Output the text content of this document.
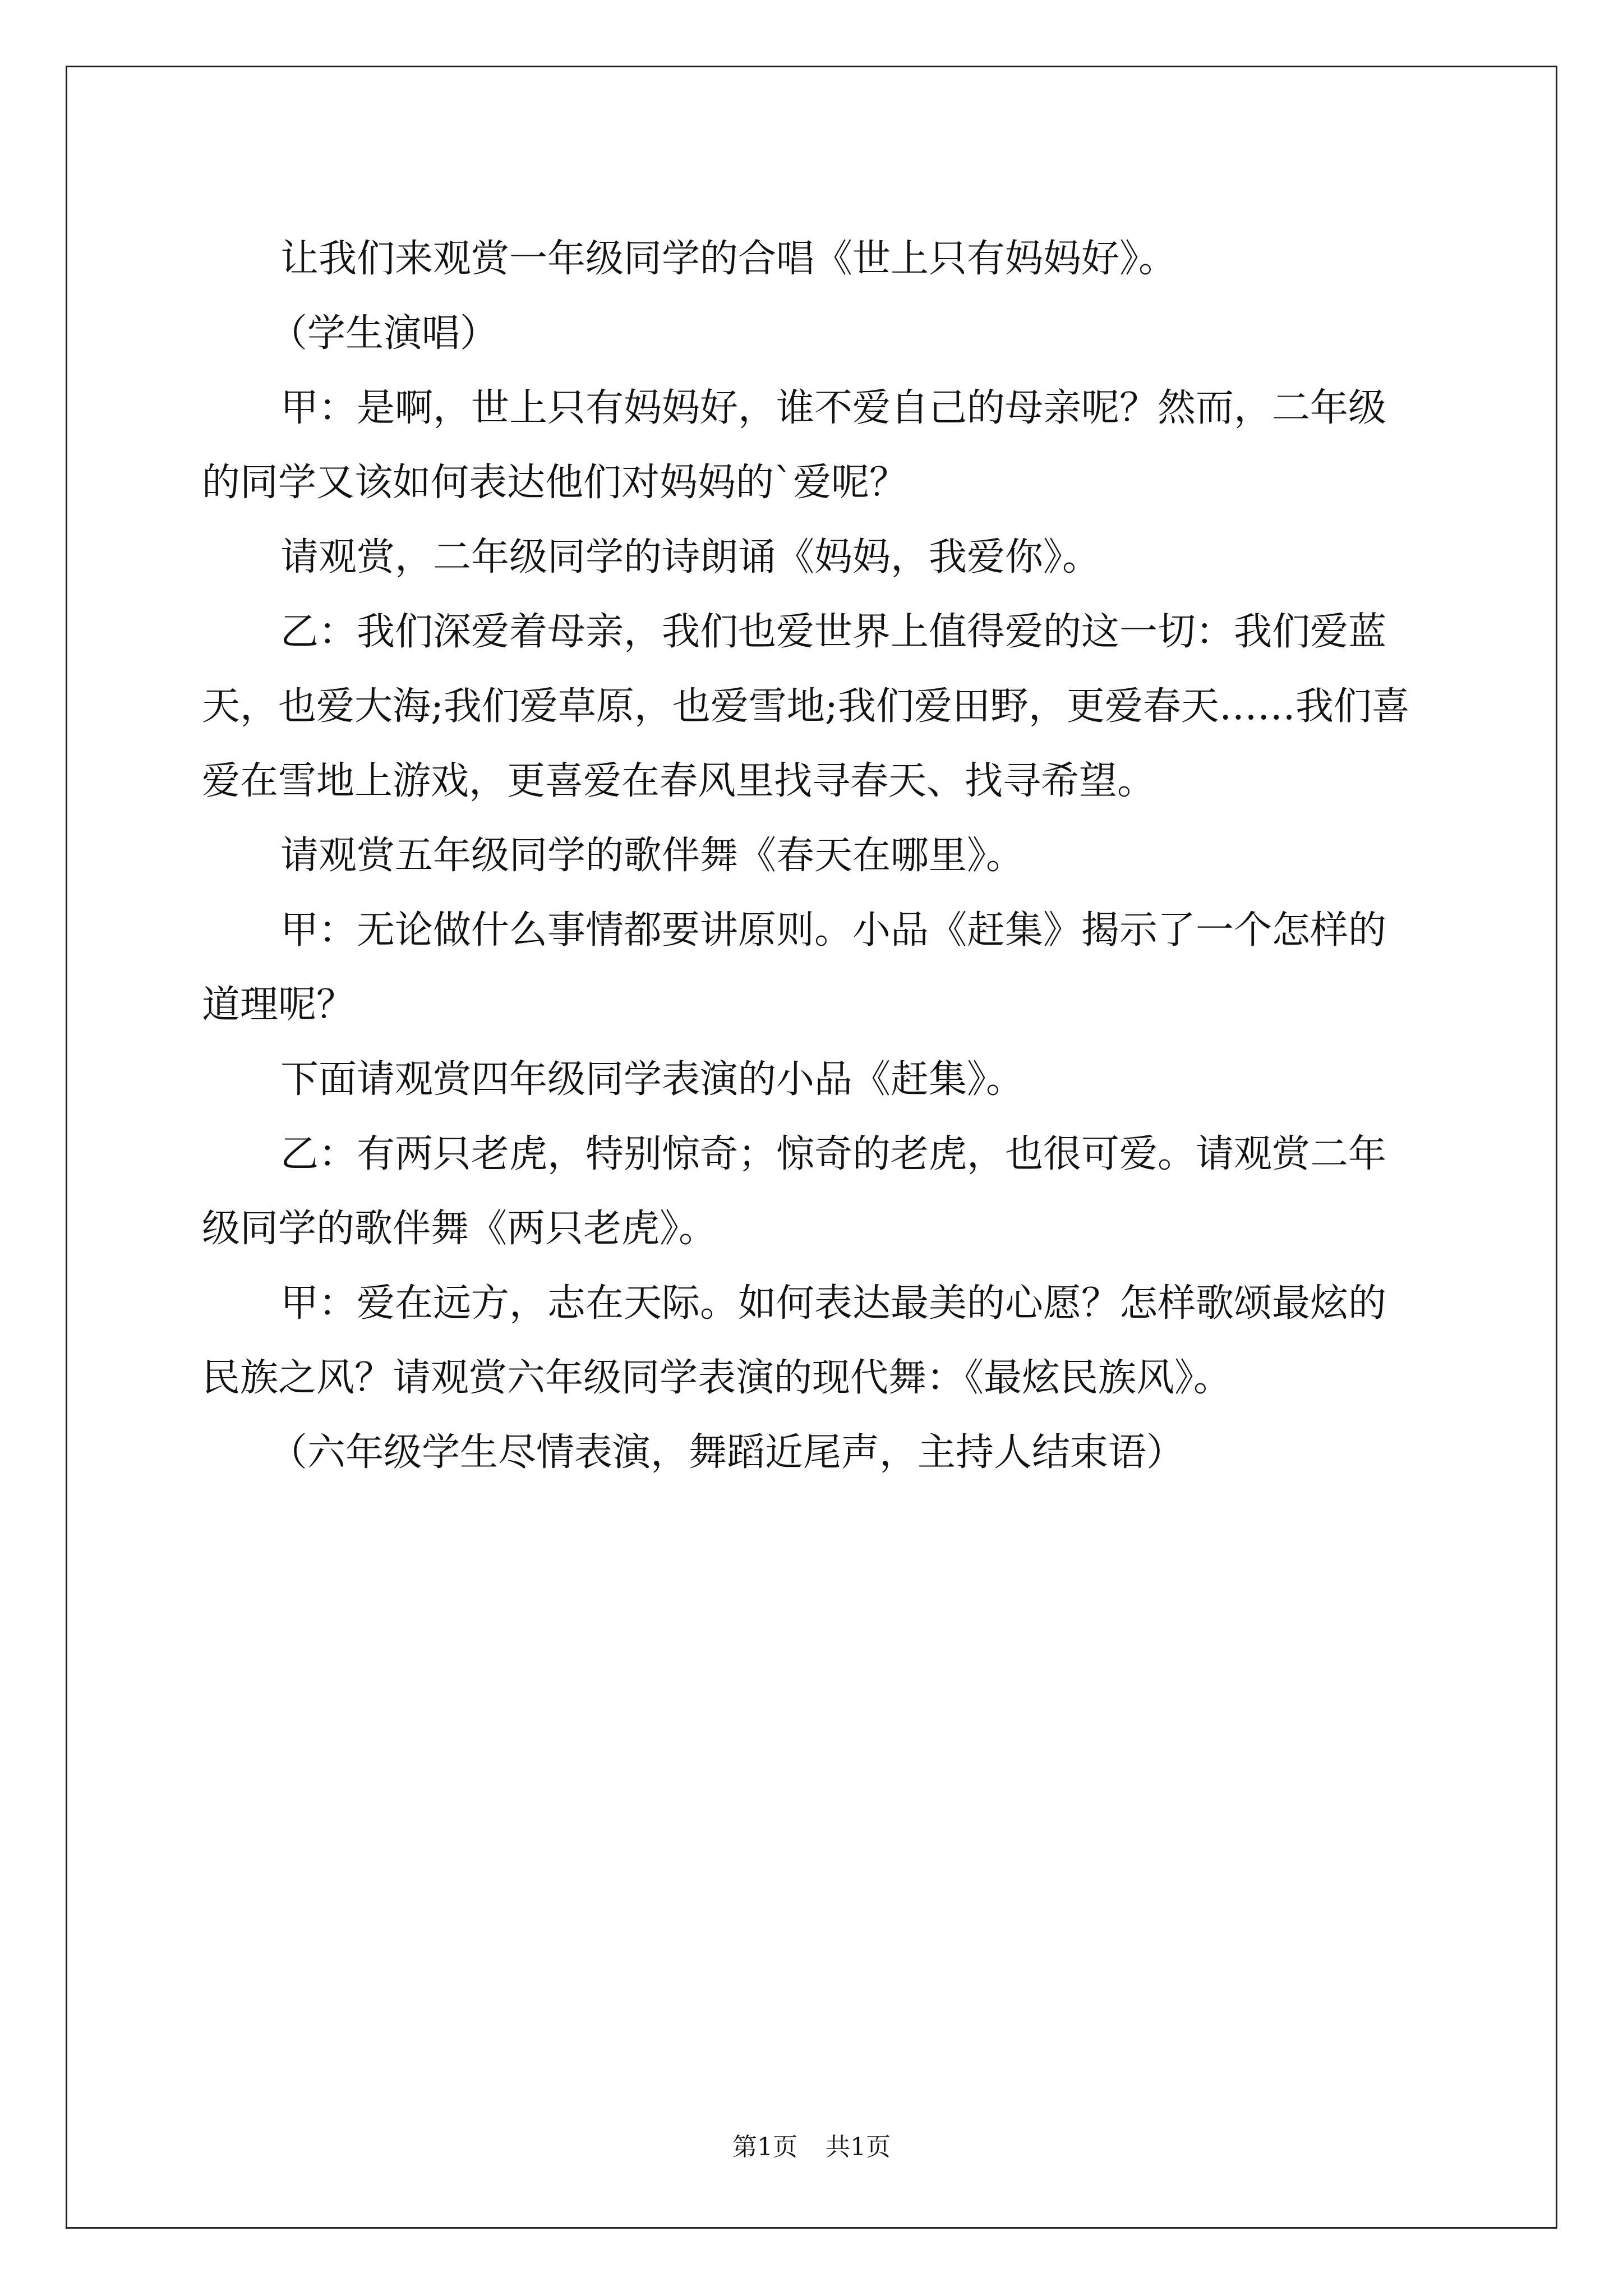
让我们来观赏一年级同学的合唱《世上只有妈妈好》。

（学生演唱）

甲：是啊，世上只有妈妈好，谁不爱自己的母亲呢？然而，二年级的同学又该如何表达他们对妈妈的`爱呢？

请观赏，二年级同学的诗朗诵《妈妈，我爱你》。

乙：我们深爱着母亲，我们也爱世界上值得爱的这一切：我们爱蓝天，也爱大海;我们爱草原，也爱雪地;我们爱田野，更爱春天……我们喜爱在雪地上游戏，更喜爱在春风里找寻春天、找寻希望。

请观赏五年级同学的歌伴舞《春天在哪里》。

甲：无论做什么事情都要讲原则。小品《赶集》揭示了一个怎样的道理呢？

下面请观赏四年级同学表演的小品《赶集》。

乙：有两只老虎，特别惊奇；惊奇的老虎，也很可爱。请观赏二年级同学的歌伴舞《两只老虎》。

甲：爱在远方，志在天际。如何表达最美的心愿？怎样歌颂最炫的民族之风？请观赏六年级同学表演的现代舞：《最炫民族风》。

（六年级学生尽情表演，舞蹈近尾声，主持人结束语）

第1页 共1页
